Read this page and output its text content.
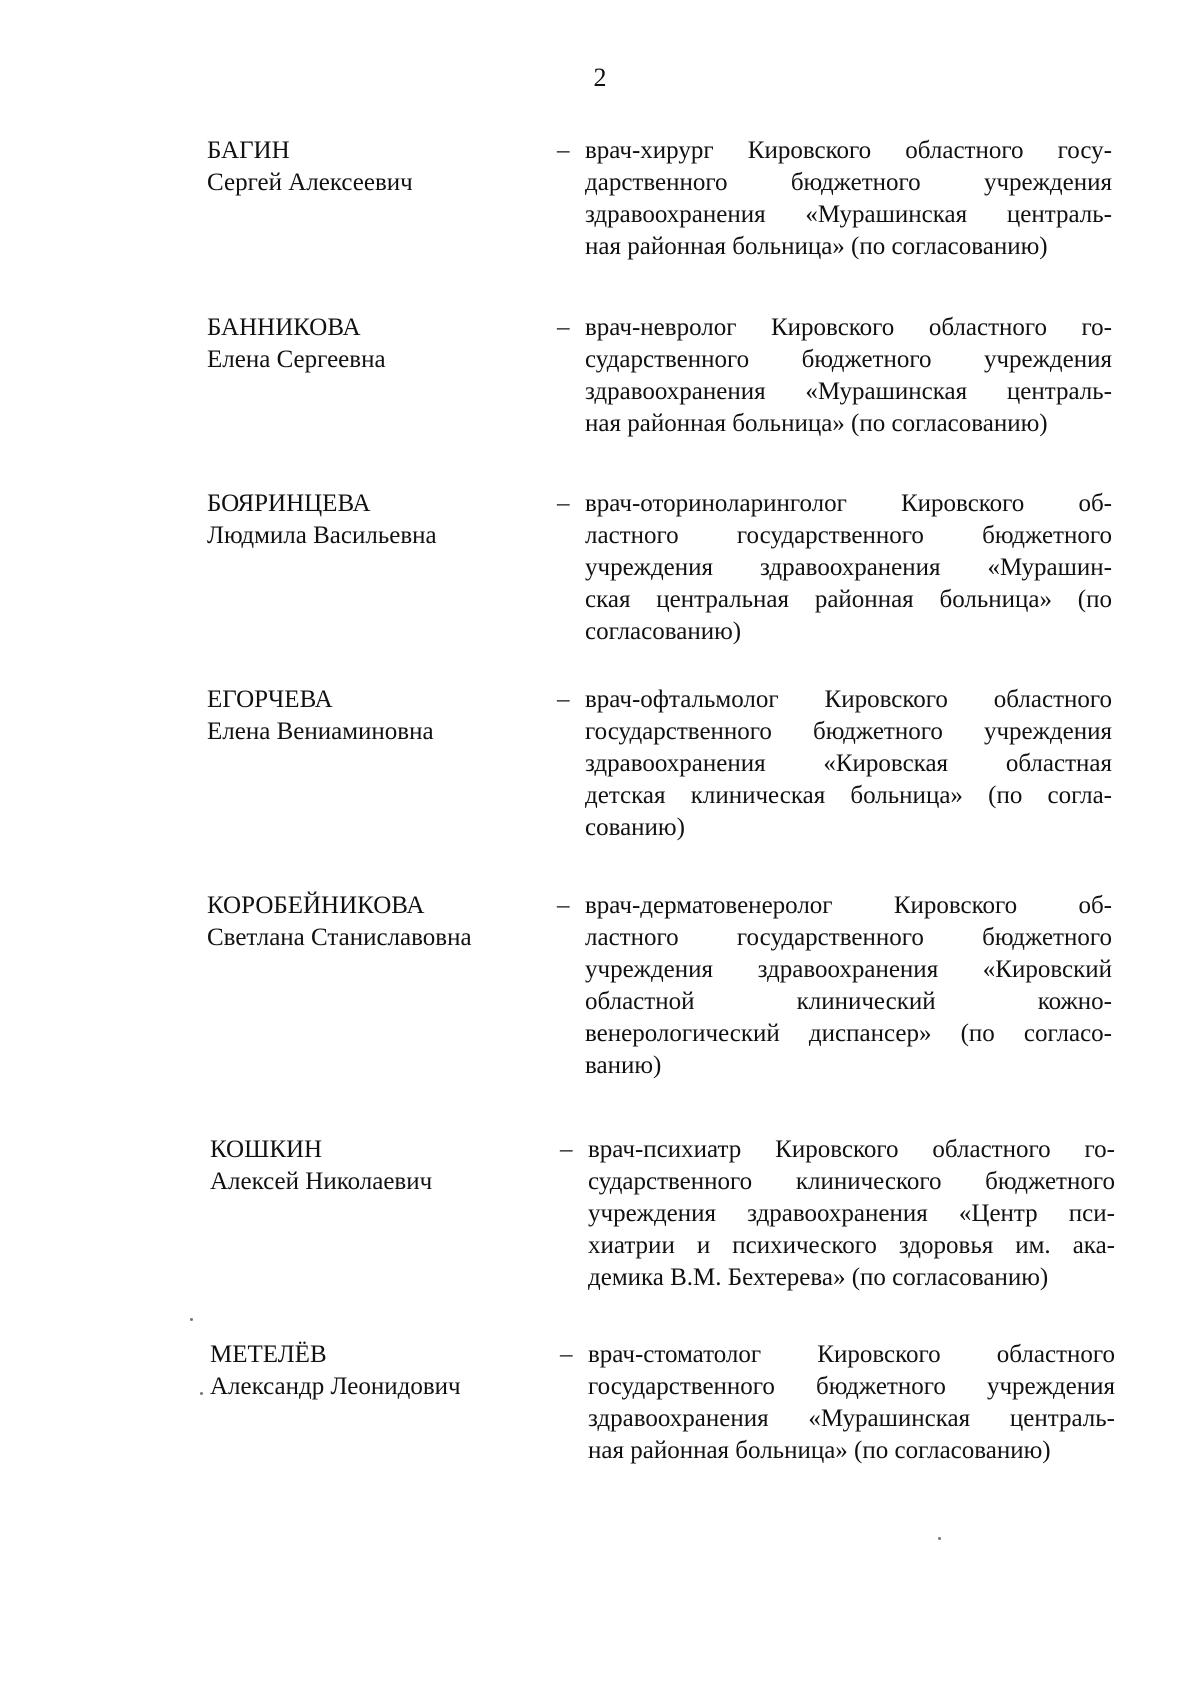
2
БАГИН
Сергей Алексеевич
– врач-хирург Кировского областного госу-
дарственного бюджетного учреждения
здравоохранения «Мурашинская централь-
ная районная больница» (по согласованию)
БАННИКОВА
Елена Сергеевна
– врач-невролог Кировского областного го-
сударственного бюджетного учреждения
здравоохранения «Мурашинская централь-
ная районная больница» (по согласованию)
БОЯРИНЦЕВА
Людмила Васильевна
– врач-оториноларинголог Кировского об-
ластного государственного бюджетного
учреждения здравоохранения «Мурашин-
ская центральная районная больница» (по
согласованию)
ЕГОРЧЕВА
Елена Вениаминовна
– врач-офтальмолог Кировского областного
государственного бюджетного учреждения
здравоохранения «Кировская областная
детская клиническая больница» (по согла-
сованию)
КОРОБЕЙНИКОВА
Светлана Станиславовна
– врач-дерматовенеролог Кировского об-
ластного государственного бюджетного
учреждения здравоохранения «Кировский
областной клинический кожно-
венерологический диспансер» (по согласо-
ванию)
КОШКИН
Алексей Николаевич
– врач-психиатр Кировского областного го-
сударственного клинического бюджетного
учреждения здравоохранения «Центр пси-
хиатрии и психического здоровья им. ака-
демика В.М. Бехтерева» (по согласованию)
МЕТЕЛЁВ
Александр Леонидович
– врач-стоматолог Кировского областного
государственного бюджетного учреждения
здравоохранения «Мурашинская централь-
ная районная больница» (по согласованию)
